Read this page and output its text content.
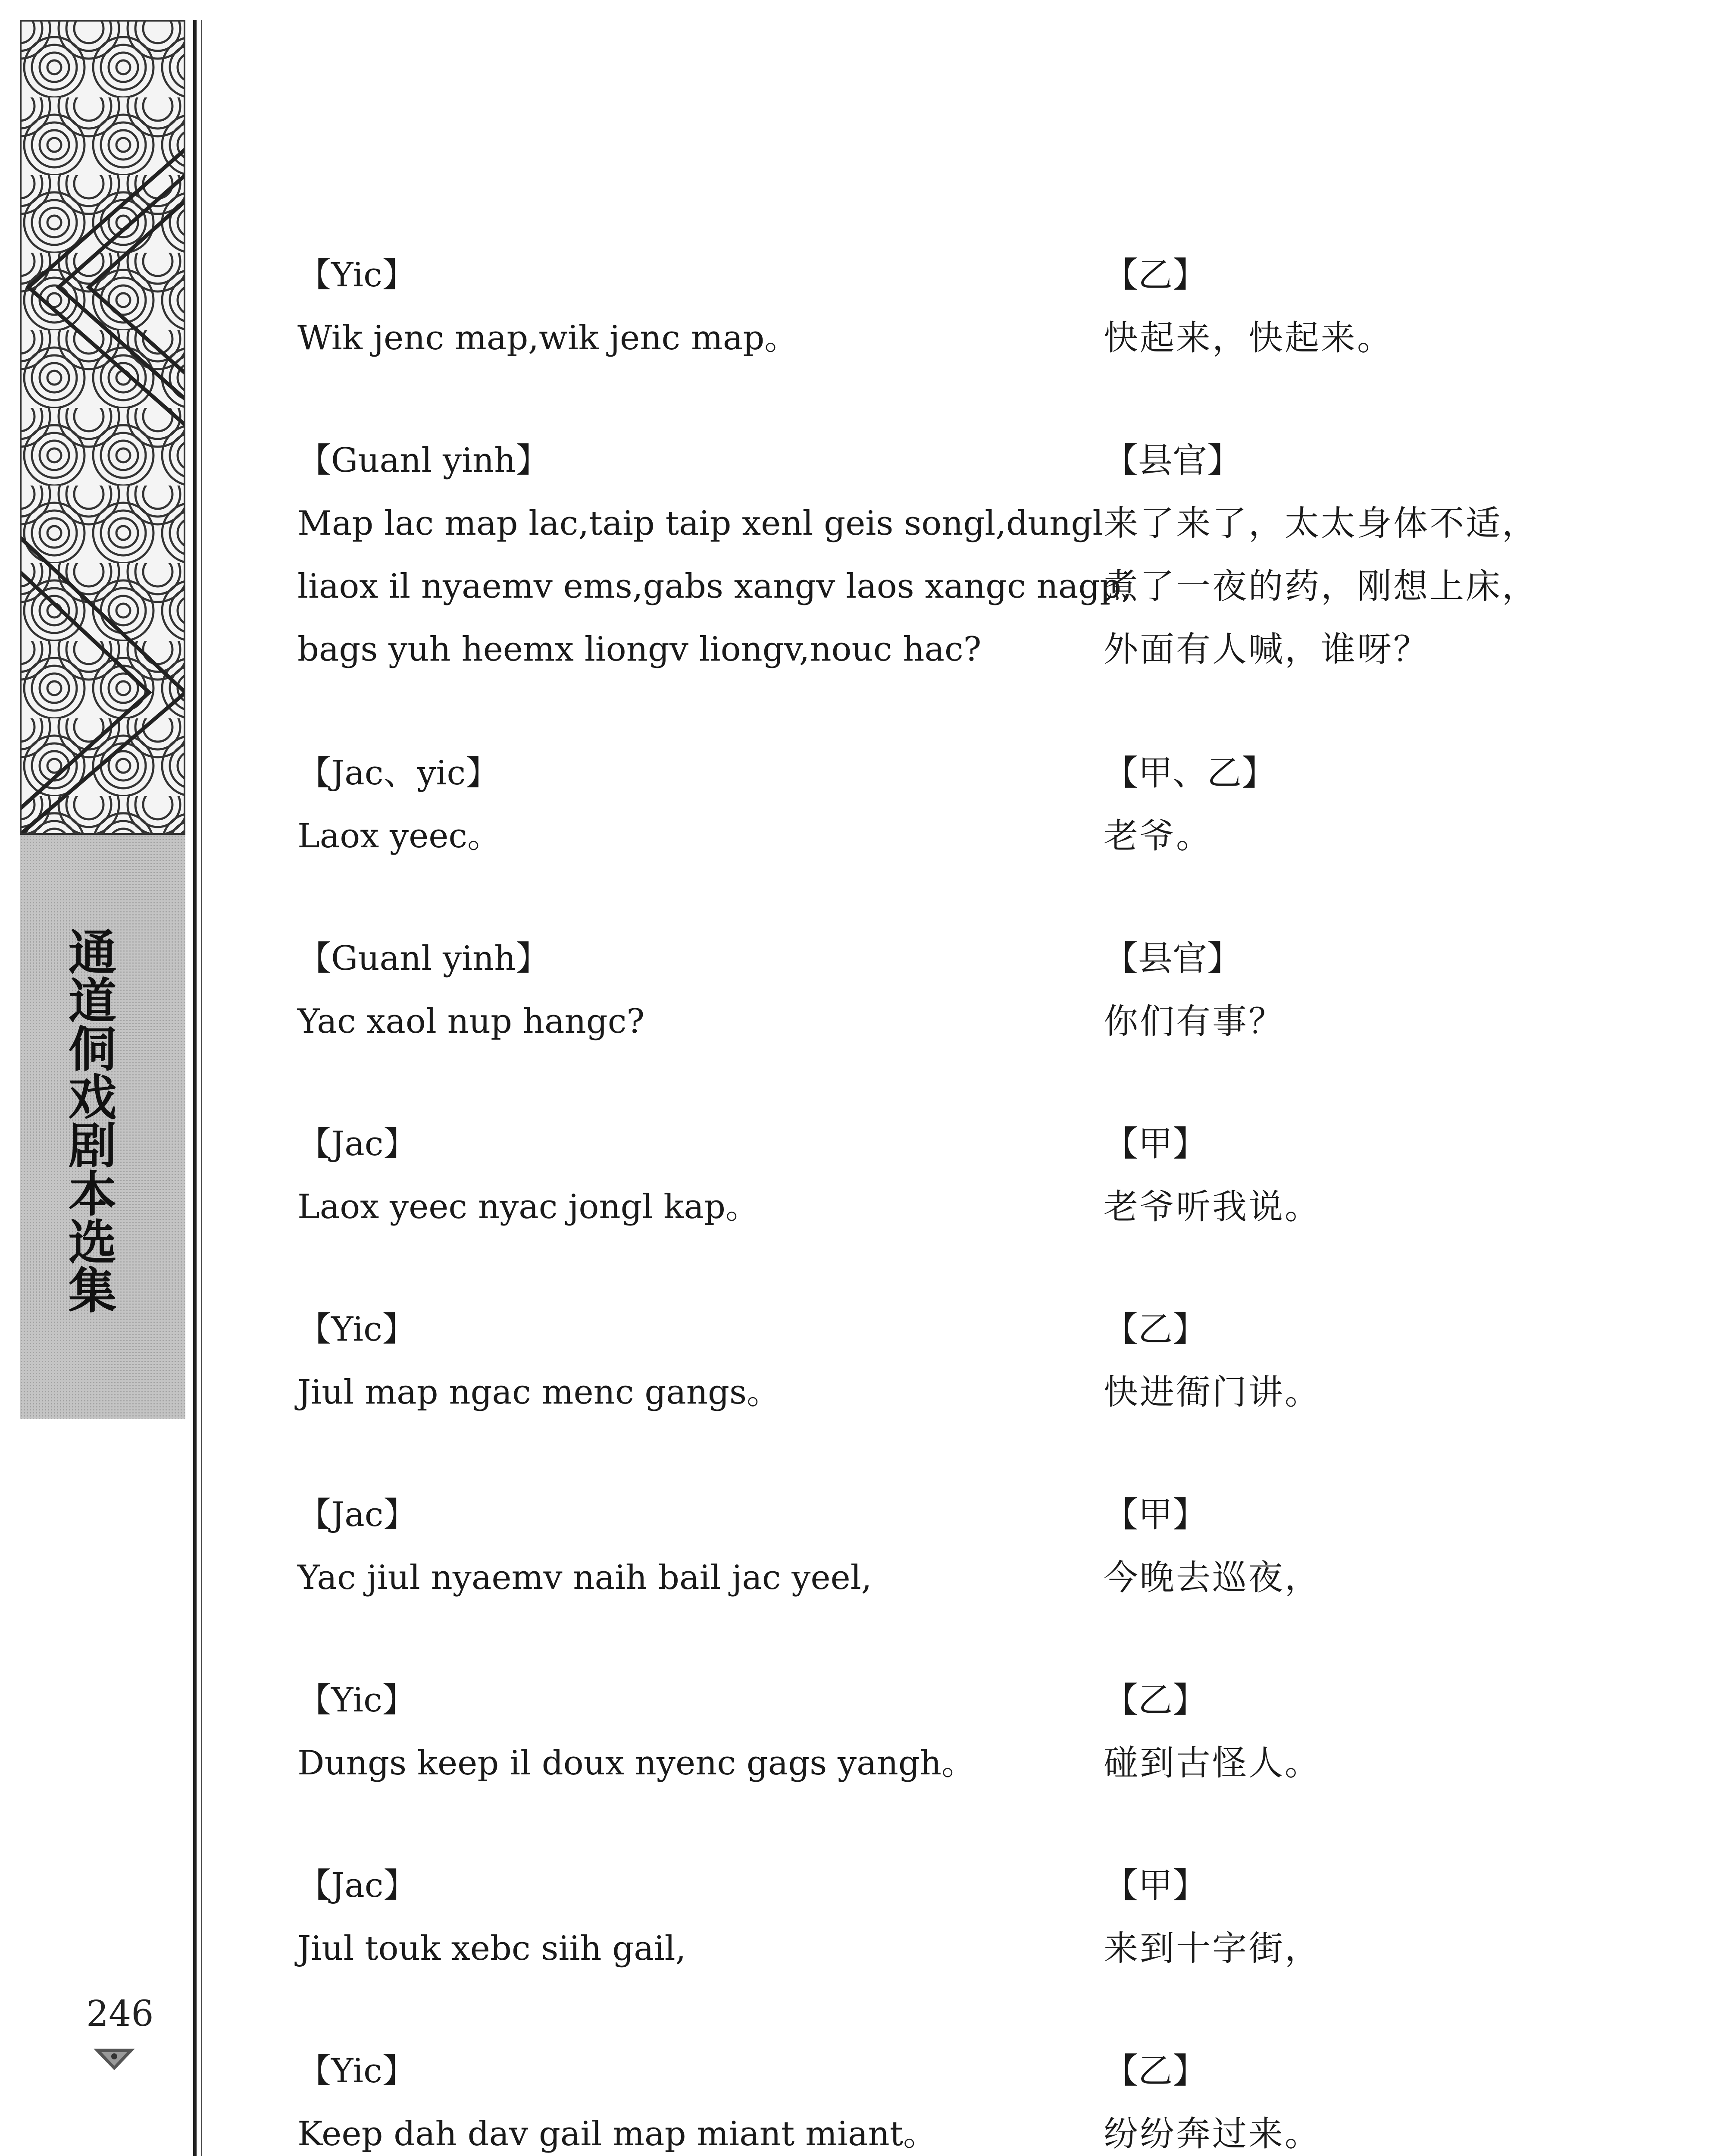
通道侗戏剧本选集
246
【Yic】
Wik jenc map,wik jenc map。
【乙】
快起来，快起来。
【Guanl yinh】
Map lac map lac,taip taip xenl geis songl,dungl
liaox il nyaemv ems,gabs xangv laos xangc nagp,
bags yuh heemx liongv liongv,nouc hac?
【县官】
来了来了，太太身体不适，
煮了一夜的药，刚想上床，
外面有人喊，谁呀？
【Jac、yic】
Laox yeec。
【甲、乙】
老爷。
【Guanl yinh】
Yac xaol nup hangc?
【县官】
你们有事？
【Jac】
Laox yeec nyac jongl kap。
【甲】
老爷听我说。
【Yic】
Jiul map ngac menc gangs。
【乙】
快进衙门讲。
【Jac】
Yac jiul nyaemv naih bail jac yeel,
【甲】
今晚去巡夜，
【Yic】
Dungs keep il doux nyenc gags yangh。
【乙】
碰到古怪人。
【Jac】
Jiul touk xebc siih gail,
【甲】
来到十字街，
【Yic】
Keep dah dav gail map miant miant。
【乙】
纷纷奔过来。
